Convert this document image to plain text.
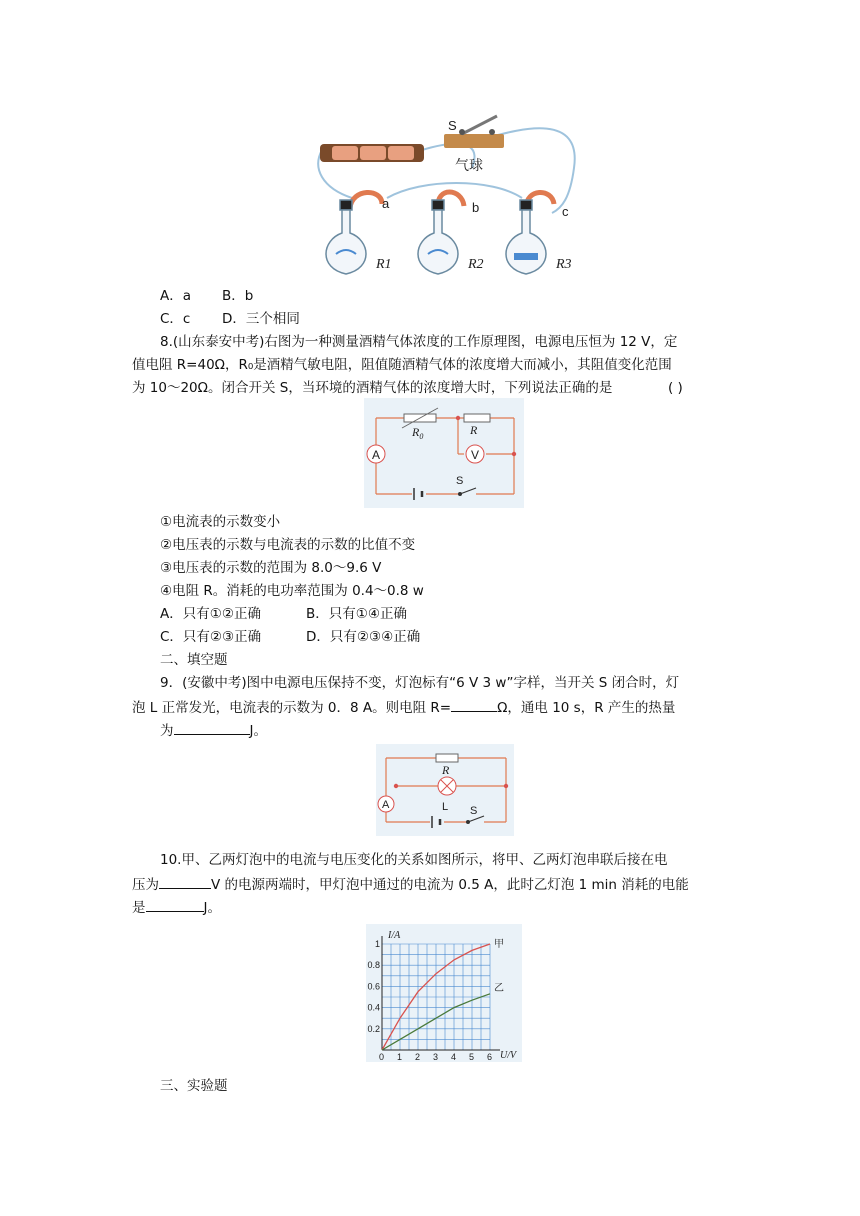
S
气球
a	b	c
R1	R2	R3
A．a B．b
C．c D．三个相同
8.(山东泰安中考)右图为一种测量酒精气体浓度的工作原理图，电源电压恒为 12 V，定
值电阻 R=40Ω，R₀是酒精气敏电阻，阻值随酒精气体的浓度增大而减小，其阻值变化范围
为 10～20Ω。闭合开关 S，当环境的酒精气体的浓度增大时，下列说法正确的是	( )
A	V
$R_0$	R
S
①电流表的示数变小
②电压表的示数与电流表的示数的比值不变
③电压表的示数的范围为 8.0～9.6 V
④电阻 R。消耗的电功率范围为 0.4～0.8 w
A．只有①②正确	B．只有①④正确
C．只有②③正确	D．只有②③④正确
二、填空题
9．(安徽中考)图中电源电压保持不变，灯泡标有“6 V 3 w”字样，当开关 S 闭合时，灯
泡 L 正常发光，电流表的示数为 0．8 A。则电阻 R=	Ω，通电 10 s，R 产生的热量
为	J。
A
R
L S
10.甲、乙两灯泡中的电流与电压变化的关系如图所示，将甲、乙两灯泡串联后接在电
压为	V 的电源两端时，甲灯泡中通过的电流为 0.5 A，此时乙灯泡 1 min 消耗的电能
是	J。
0 1 2 3 4 5 6
0.2
0.4
0.6
0.8
1	甲
乙
I/A
U/V
三、实验题
